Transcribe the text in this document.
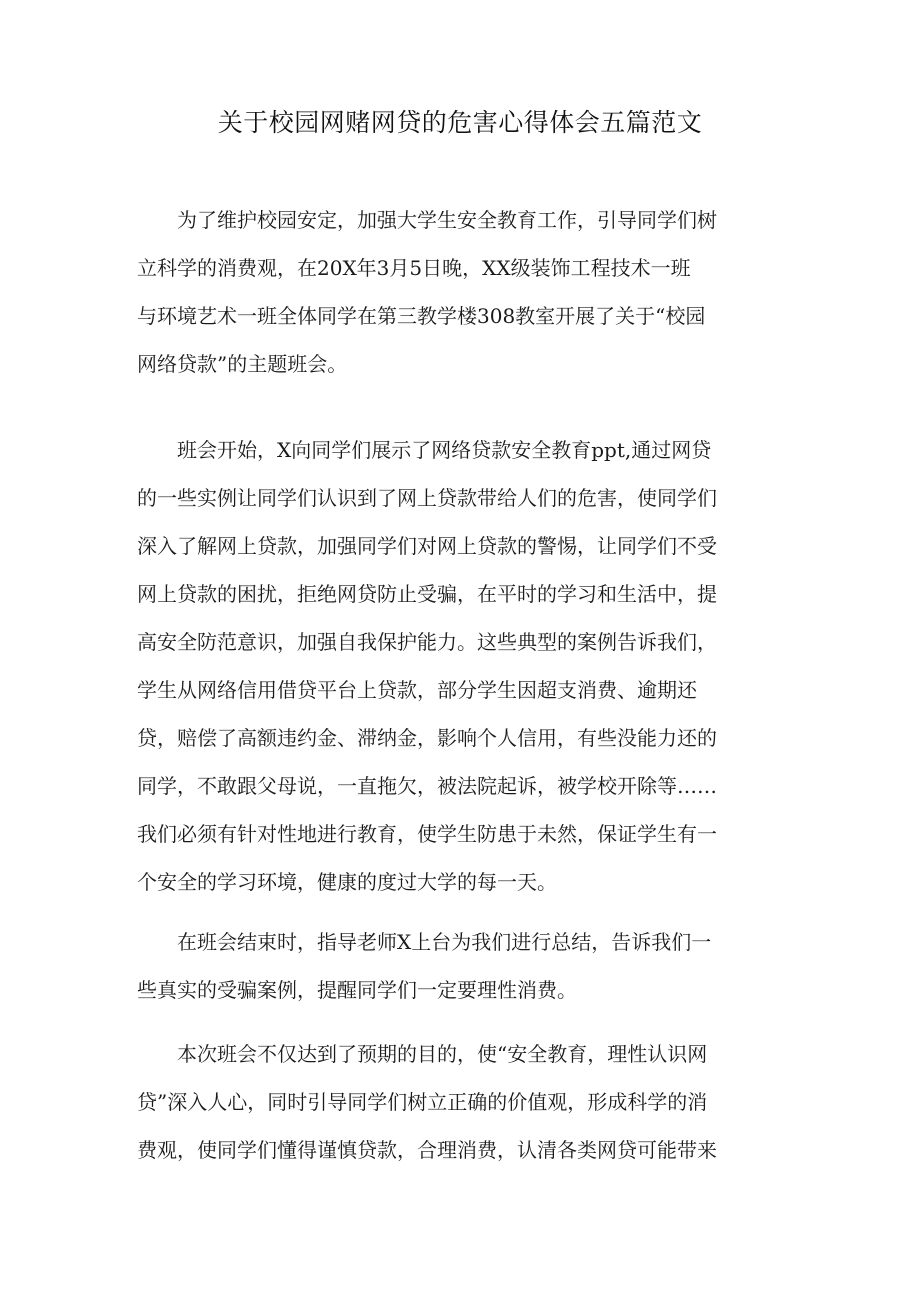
关于校园网赌网贷的危害心得体会五篇范文
　　为了维护校园安定，加强大学生安全教育工作，引导同学们树
立科学的消费观，在20X年3月5日晚，XX级装饰工程技术一班
与环境艺术一班全体同学在第三教学楼308教室开展了关于“校园
网络贷款”的主题班会。
　　班会开始，X向同学们展示了网络贷款安全教育ppt,通过网贷
的一些实例让同学们认识到了网上贷款带给人们的危害，使同学们
深入了解网上贷款，加强同学们对网上贷款的警惕，让同学们不受
网上贷款的困扰，拒绝网贷防止受骗，在平时的学习和生活中，提
高安全防范意识，加强自我保护能力。这些典型的案例告诉我们，
学生从网络信用借贷平台上贷款，部分学生因超支消费、逾期还
贷，赔偿了高额违约金、滞纳金，影响个人信用，有些没能力还的
同学，不敢跟父母说，一直拖欠，被法院起诉，被学校开除等……
我们必须有针对性地进行教育，使学生防患于未然，保证学生有一
个安全的学习环境，健康的度过大学的每一天。
　　在班会结束时，指导老师X上台为我们进行总结，告诉我们一
些真实的受骗案例，提醒同学们一定要理性消费。
　　本次班会不仅达到了预期的目的，使“安全教育，理性认识网
贷”深入人心，同时引导同学们树立正确的价值观，形成科学的消
费观，使同学们懂得谨慎贷款，合理消费，认清各类网贷可能带来
